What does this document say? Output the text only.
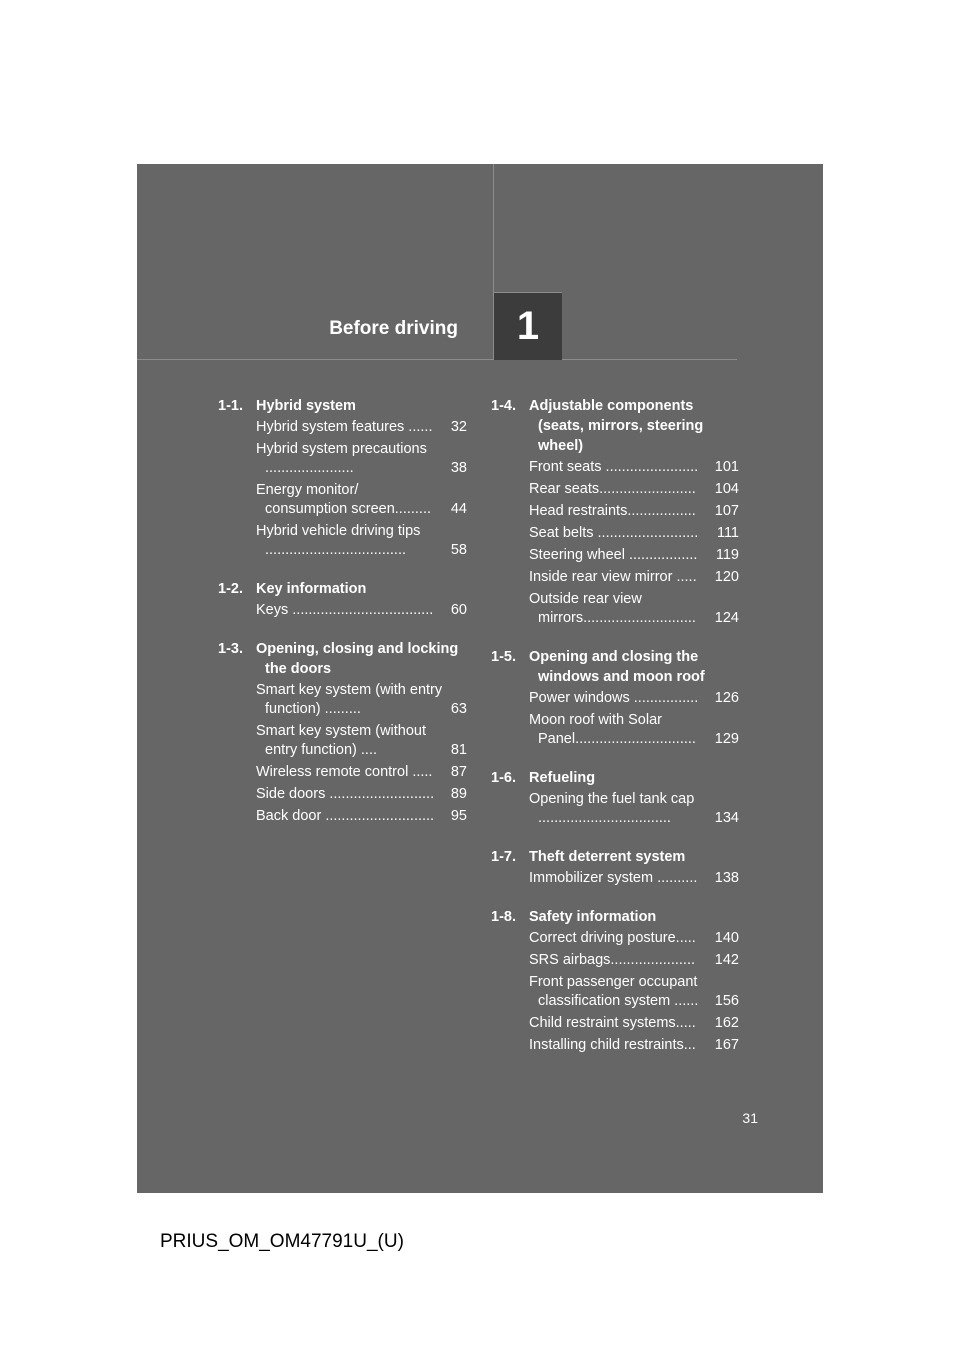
Before driving 1
1-1. Hybrid system
Hybrid system features ......	32
Hybrid system precautions ......................	38
Energy monitor/ consumption screen.........	44
Hybrid vehicle driving tips ...................................	58
1-2. Key information
Keys ...................................	60
1-3. Opening, closing and locking the doors
Smart key system (with entry function) .........	63
Smart key system (without entry function) ....	81
Wireless remote control .....	87
Side doors ..........................	89
Back door ...........................	95
1-4. Adjustable components (seats, mirrors, steering wheel)
Front seats .......................	101
Rear seats........................	104
Head restraints.................	107
Seat belts .........................	111
Steering wheel .................	119
Inside rear view mirror .....	120
Outside rear view mirrors............................	124
1-5. Opening and closing the windows and moon roof
Power windows ................	126
Moon roof with Solar Panel..............................	129
1-6. Refueling
Opening the fuel tank cap .................................	134
1-7. Theft deterrent system
Immobilizer system ..........	138
1-8. Safety information
Correct driving posture.....	140
SRS airbags.....................	142
Front passenger occupant classification system ......	156
Child restraint systems.....	162
Installing child restraints...	167
31
PRIUS_OM_OM47791U_(U)
